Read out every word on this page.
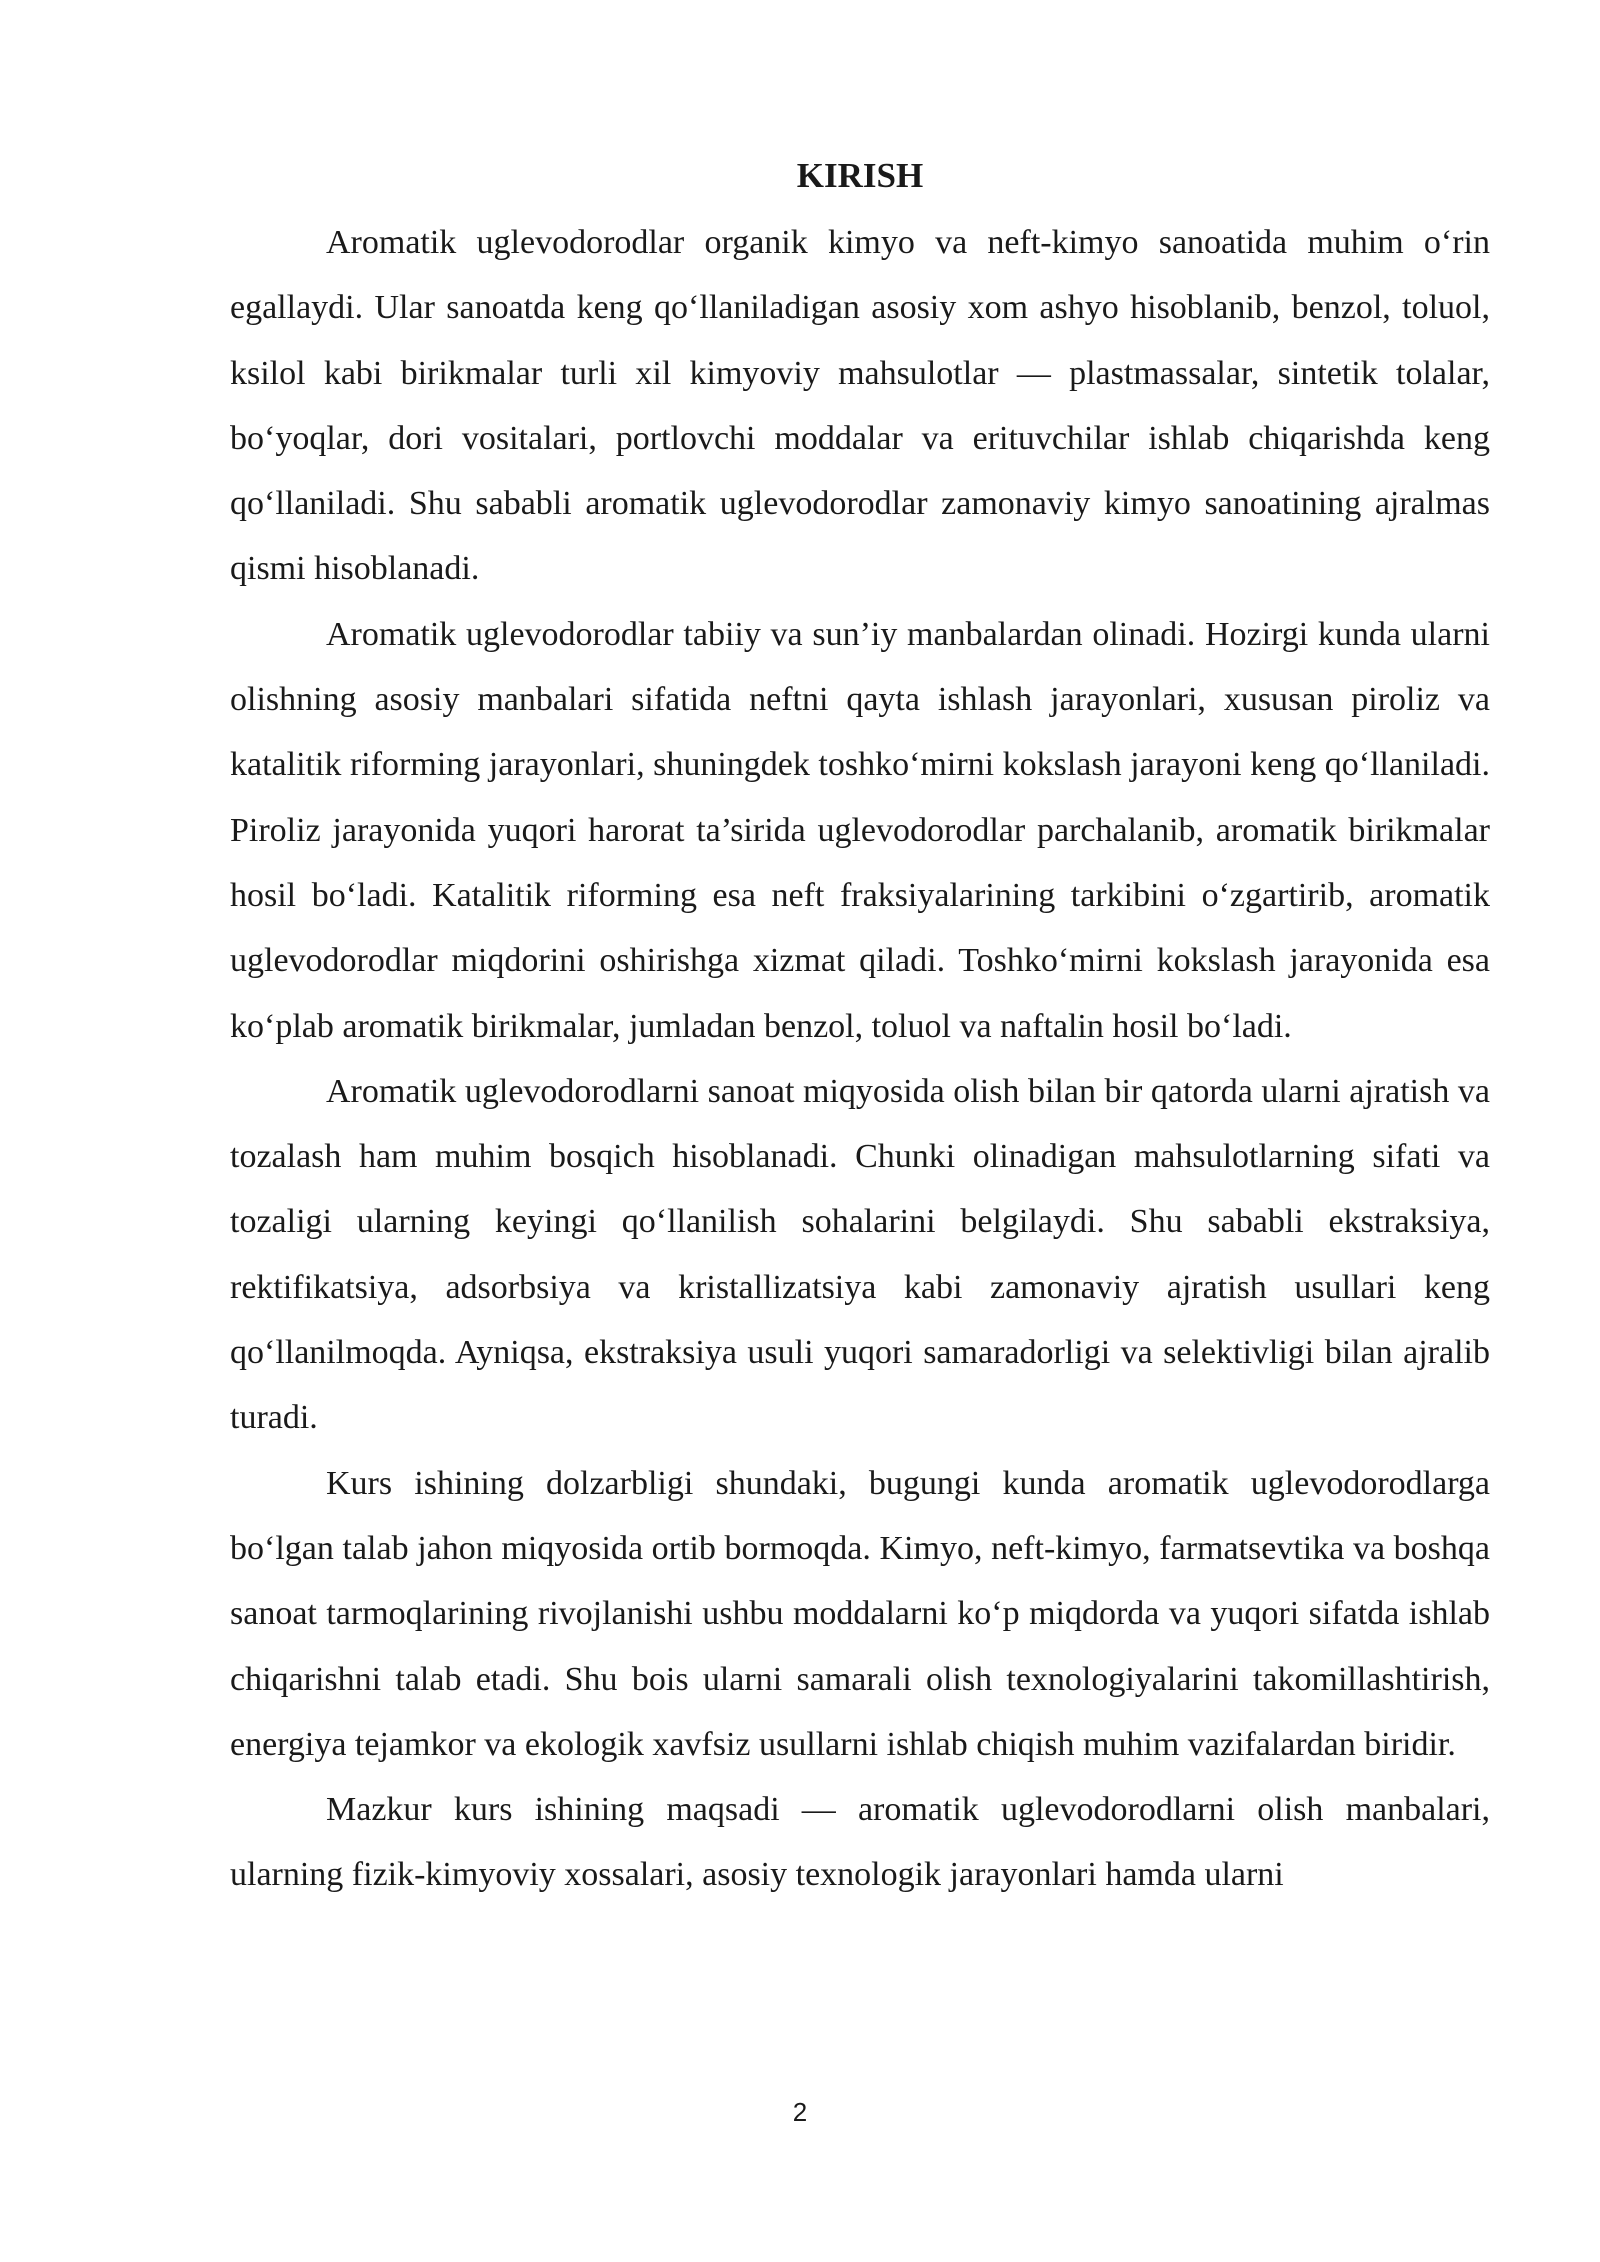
KIRISH

Aromatik uglevodorodlar organik kimyo va neft-kimyo sanoatida muhim o‘rin egallaydi. Ular sanoatda keng qo‘llaniladigan asosiy xom ashyo hisoblanib, benzol, toluol, ksilol kabi birikmalar turli xil kimyoviy mahsulotlar — plastmassalar, sintetik tolalar, bo‘yoqlar, dori vositalari, portlovchi moddalar va erituvchilar ishlab chiqarishda keng qo‘llaniladi. Shu sababli aromatik uglevodorodlar zamonaviy kimyo sanoatining ajralmas qismi hisoblanadi.

Aromatik uglevodorodlar tabiiy va sun’iy manbalardan olinadi. Hozirgi kunda ularni olishning asosiy manbalari sifatida neftni qayta ishlash jarayonlari, xususan piroliz va katalitik riforming jarayonlari, shuningdek toshko‘mirni kokslash jarayoni keng qo‘llaniladi. Piroliz jarayonida yuqori harorat ta’sirida uglevodorodlar parchalanib, aromatik birikmalar hosil bo‘ladi. Katalitik riforming esa neft fraksiyalarining tarkibini o‘zgartirib, aromatik uglevodorodlar miqdorini oshirishga xizmat qiladi. Toshko‘mirni kokslash jarayonida esa ko‘plab aromatik birikmalar, jumladan benzol, toluol va naftalin hosil bo‘ladi.

Aromatik uglevodorodlarni sanoat miqyosida olish bilan bir qatorda ularni ajratish va tozalash ham muhim bosqich hisoblanadi. Chunki olinadigan mahsulotlarning sifati va tozaligi ularning keyingi qo‘llanilish sohalarini belgilaydi. Shu sababli ekstraksiya, rektifikatsiya, adsorbsiya va kristallizatsiya kabi zamonaviy ajratish usullari keng qo‘llanilmoqda. Ayniqsa, ekstraksiya usuli yuqori samaradorligi va selektivligi bilan ajralib turadi.

Kurs ishining dolzarbligi shundaki, bugungi kunda aromatik uglevodorodlarga bo‘lgan talab jahon miqyosida ortib bormoqda. Kimyo, neft-kimyo, farmatsevtika va boshqa sanoat tarmoqlarining rivojlanishi ushbu moddalarni ko‘p miqdorda va yuqori sifatda ishlab chiqarishni talab etadi. Shu bois ularni samarali olish texnologiyalarini takomillashtirish, energiya tejamkor va ekologik xavfsiz usullarni ishlab chiqish muhim vazifalardan biridir.

Mazkur kurs ishining maqsadi — aromatik uglevodorodlarni olish manbalari, ularning fizik-kimyoviy xossalari, asosiy texnologik jarayonlari hamda ularni

2
